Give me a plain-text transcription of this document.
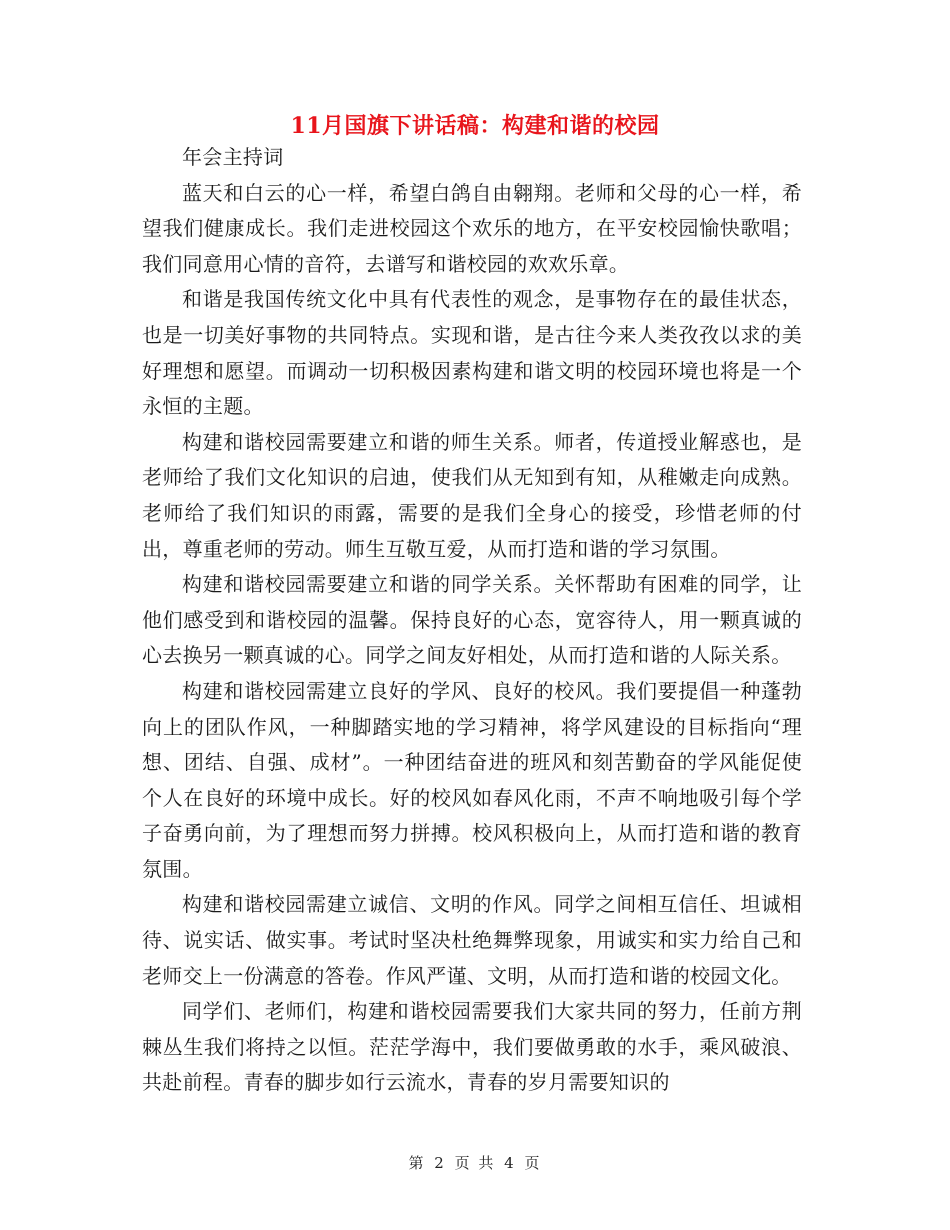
11月国旗下讲话稿：构建和谐的校园

年会主持词

蓝天和白云的心一样，希望白鸽自由翱翔。老师和父母的心一样，希望我们健康成长。我们走进校园这个欢乐的地方，在平安校园愉快歌唱；我们同意用心情的音符，去谱写和谐校园的欢欢乐章。

和谐是我国传统文化中具有代表性的观念，是事物存在的最佳状态，也是一切美好事物的共同特点。实现和谐，是古往今来人类孜孜以求的美好理想和愿望。而调动一切积极因素构建和谐文明的校园环境也将是一个永恒的主题。

构建和谐校园需要建立和谐的师生关系。师者，传道授业解惑也，是老师给了我们文化知识的启迪，使我们从无知到有知，从稚嫩走向成熟。老师给了我们知识的雨露，需要的是我们全身心的接受，珍惜老师的付出，尊重老师的劳动。师生互敬互爱，从而打造和谐的学习氛围。

构建和谐校园需要建立和谐的同学关系。关怀帮助有困难的同学，让他们感受到和谐校园的温馨。保持良好的心态，宽容待人，用一颗真诚的心去换另一颗真诚的心。同学之间友好相处，从而打造和谐的人际关系。

构建和谐校园需建立良好的学风、良好的校风。我们要提倡一种蓬勃向上的团队作风，一种脚踏实地的学习精神，将学风建设的目标指向“理想、团结、自强、成材”。一种团结奋进的班风和刻苦勤奋的学风能促使个人在良好的环境中成长。好的校风如春风化雨，不声不响地吸引每个学子奋勇向前，为了理想而努力拼搏。校风积极向上，从而打造和谐的教育氛围。

构建和谐校园需建立诚信、文明的作风。同学之间相互信任、坦诚相待、说实话、做实事。考试时坚决杜绝舞弊现象，用诚实和实力给自己和老师交上一份满意的答卷。作风严谨、文明，从而打造和谐的校园文化。

同学们、老师们，构建和谐校园需要我们大家共同的努力，任前方荆棘丛生我们将持之以恒。茫茫学海中，我们要做勇敢的水手，乘风破浪、共赴前程。青春的脚步如行云流水，青春的岁月需要知识的

第 2 页 共 4 页
